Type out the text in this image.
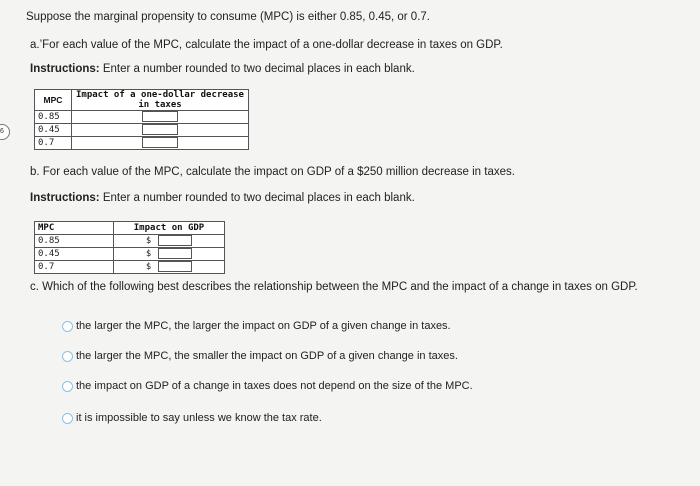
6
Suppose the marginal propensity to consume (MPC) is either 0.85, 0.45, or 0.7.
a.’For each value of the MPC, calculate the impact of a one-dollar decrease in taxes on GDP.
Instructions: Enter a number rounded to two decimal places in each blank.
MPC	Impact of a one-dollar decrease
in taxes

0.85	
0.45	
0.7	
b. For each value of the MPC, calculate the impact on GDP of a $250 million decrease in taxes.
Instructions: Enter a number rounded to two decimal places in each blank.
MPC	Impact on GDP
0.85	$
0.45	$
0.7	$
c. Which of the following best describes the relationship between the MPC and the impact of a change in taxes on GDP.
the larger the MPC, the larger the impact on GDP of a given change in taxes.
the larger the MPC, the smaller the impact on GDP of a given change in taxes.
the impact on GDP of a change in taxes does not depend on the size of the MPC.
it is impossible to say unless we know the tax rate.
